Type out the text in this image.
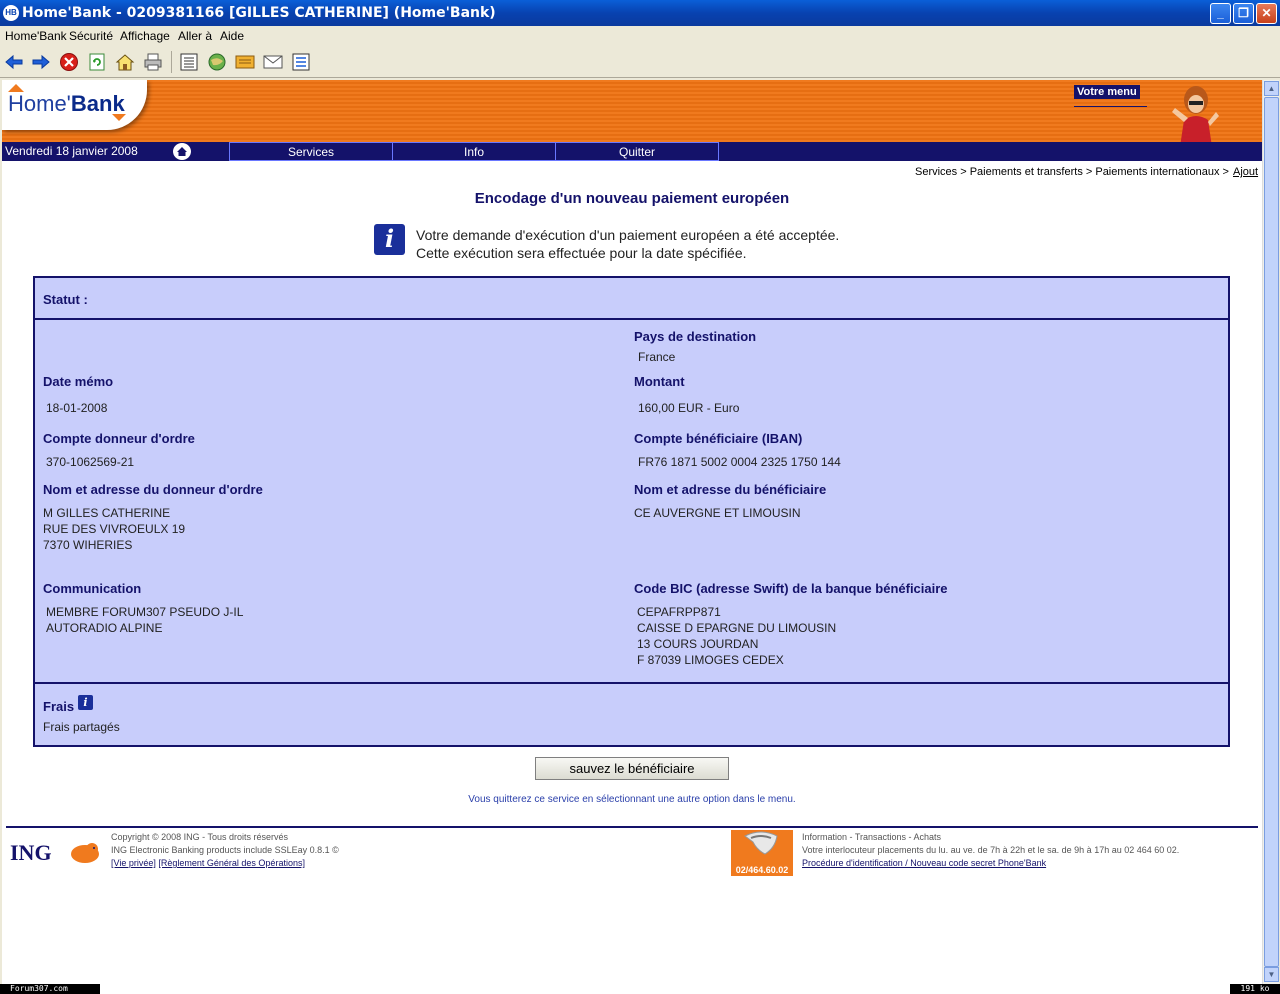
HB Home'Bank - 0209381166 [GILLES CATHERINE] (Home'Bank)	_	❐	✕
Home'Bank Sécurité Affichage Aller à Aide
Home'Bank	Votre menu
Vendredi 18 janvier 2008	Services	Info	Quitter
Services > Paiements et transferts > Paiements internationaux > Ajout
Encodage d'un nouveau paiement européen
i	Votre demande d'exécution d'un paiement européen a été acceptée.
Cette exécution sera effectuée pour la date spécifiée.
Statut :
Pays de destination
France
Date mémo
18-01-2008
Montant
160,00 EUR - Euro
Compte donneur d'ordre
370-1062569-21
Compte bénéficiaire (IBAN)
FR76 1871 5002 0004 2325 1750 144
Nom et adresse du donneur d'ordre
M GILLES CATHERINE
RUE DES VIVROEULX 19
7370 WIHERIES
Nom et adresse du bénéficiaire
CE AUVERGNE ET LIMOUSIN
Communication
MEMBRE FORUM307 PSEUDO J-IL
AUTORADIO ALPINE
Code BIC (adresse Swift) de la banque bénéficiaire
CEPAFRPP871
CAISSE D EPARGNE DU LIMOUSIN
13 COURS JOURDAN
F 87039 LIMOGES CEDEX
Frais i
Frais partagés
sauvez le bénéficiaire
Vous quitterez ce service en sélectionnant une autre option dans le menu.
ING
Copyright © 2008 ING - Tous droits réservés
ING Electronic Banking products include SSLEay 0.8.1 ©
[Vie privée] [Règlement Général des Opérations]
02/464.60.02
Information - Transactions - Achats
Votre interlocuteur placements du lu. au ve. de 7h à 22h et le sa. de 9h à 17h au 02 464 60 02.
Procédure d'identification / Nouveau code secret Phone'Bank
▲
▼
Forum307.com	191 ko
